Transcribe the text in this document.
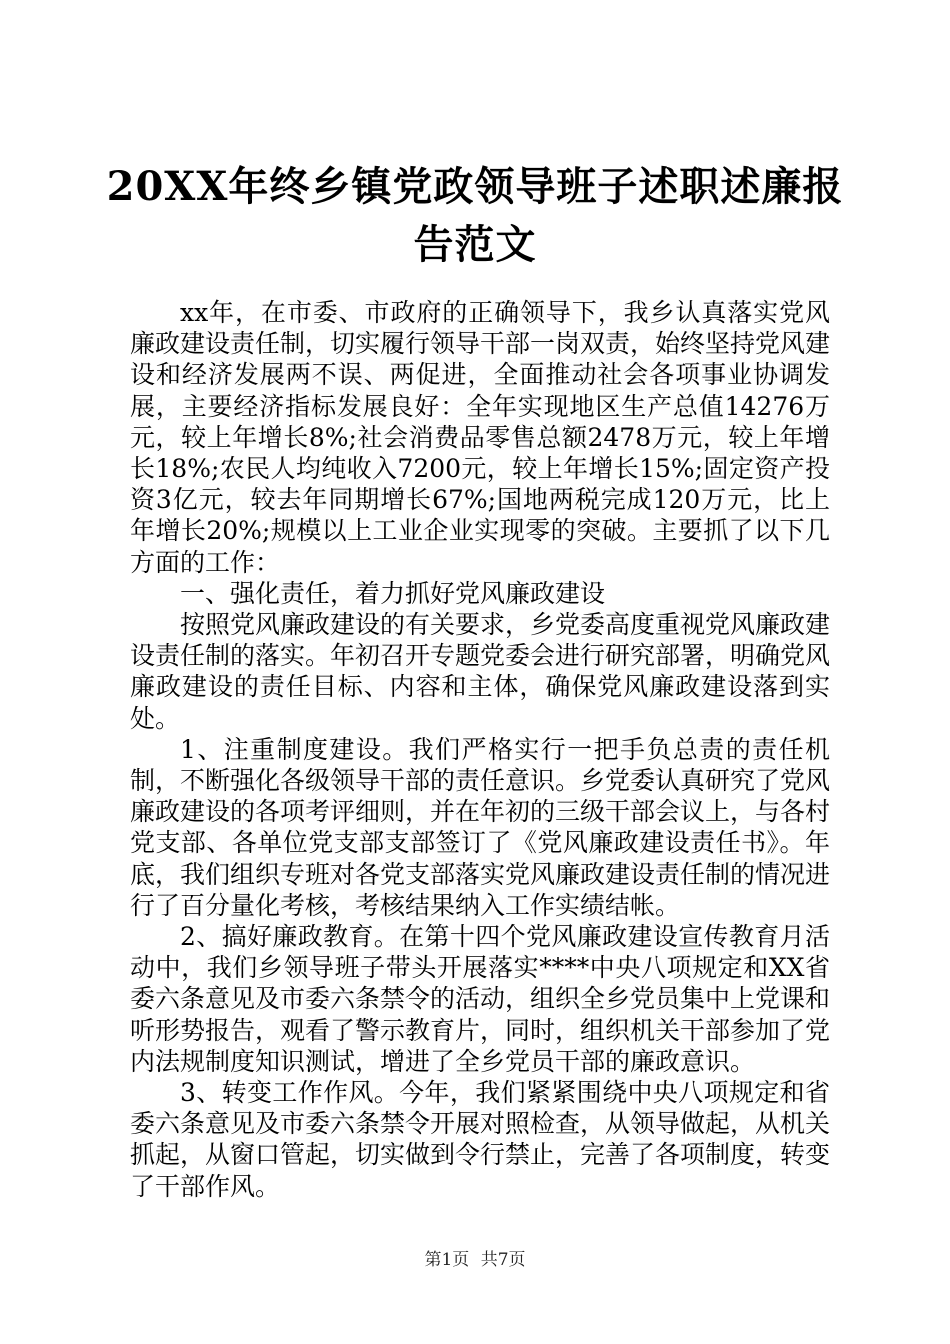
20XX年终乡镇党政领导班子述职述廉报告范文

xx年，在市委、市政府的正确领导下，我乡认真落实党风廉政建设责任制，切实履行领导干部一岗双责，始终坚持党风建设和经济发展两不误、两促进，全面推动社会各项事业协调发展，主要经济指标发展良好：全年实现地区生产总值14276万元，较上年增长8%;社会消费品零售总额2478万元，较上年增长18%;农民人均纯收入7200元，较上年增长15%;固定资产投资3亿元，较去年同期增长67%;国地两税完成120万元，比上年增长20%;规模以上工业企业实现零的突破。主要抓了以下几方面的工作：

一、强化责任，着力抓好党风廉政建设

按照党风廉政建设的有关要求，乡党委高度重视党风廉政建设责任制的落实。年初召开专题党委会进行研究部署，明确党风廉政建设的责任目标、内容和主体，确保党风廉政建设落到实处。

1、注重制度建设。我们严格实行一把手负总责的责任机制，不断强化各级领导干部的责任意识。乡党委认真研究了党风廉政建设的各项考评细则，并在年初的三级干部会议上，与各村党支部、各单位党支部支部签订了《党风廉政建设责任书》。年底，我们组织专班对各党支部落实党风廉政建设责任制的情况进行了百分量化考核，考核结果纳入工作实绩结帐。

2、搞好廉政教育。在第十四个党风廉政建设宣传教育月活动中，我们乡领导班子带头开展落实****中央八项规定和XX省委六条意见及市委六条禁令的活动，组织全乡党员集中上党课和听形势报告，观看了警示教育片，同时，组织机关干部参加了党内法规制度知识测试，增进了全乡党员干部的廉政意识。

3、转变工作作风。今年，我们紧紧围绕中央八项规定和省委六条意见及市委六条禁令开展对照检查，从领导做起，从机关抓起，从窗口管起，切实做到令行禁止，完善了各项制度，转变了干部作风。

第1页 共7页
